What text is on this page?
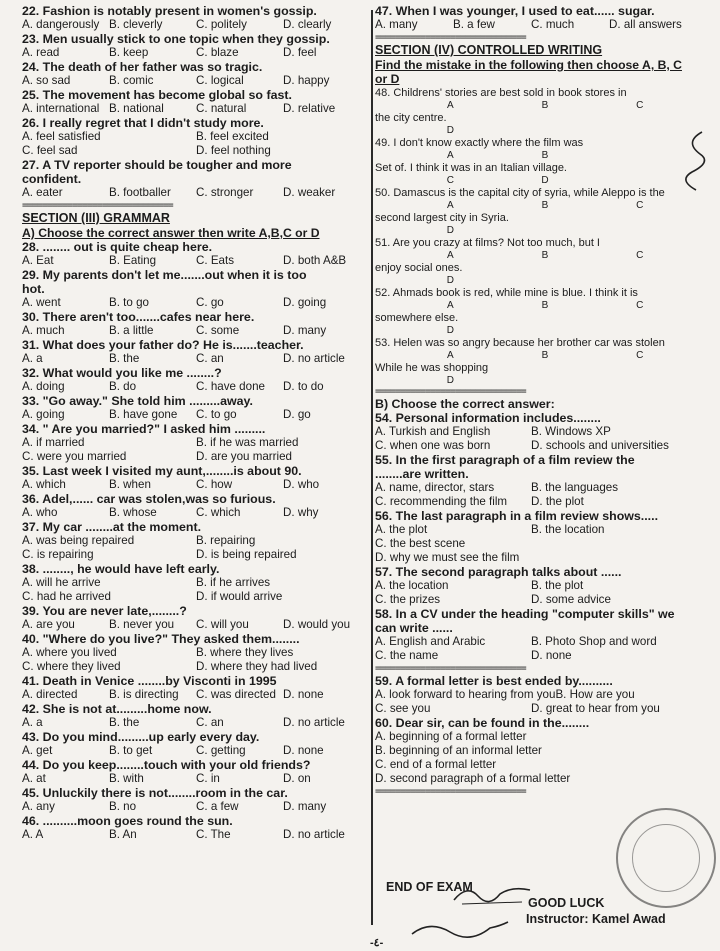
22. Fashion is notably present in women's gossip.
A. dangerously B. cleverly	C. politely	D. clearly
23. Men usually stick to one topic when they gossip.
A. read	B. keep	C. blaze	D. feel
24. The death of her father was so tragic.
A. so sad	B. comic	C. logical	D. happy
25. The movement has become global so fast.
A. international B. national	C. natural	D. relative
26. I really regret that I didn't study more.
A. feel satisfied	B. feel excited
C. feel sad	D. feel nothing
27. A TV reporter should be tougher and more
confident.
A. eater	B. footballer	C. stronger	D. weaker
==============================
SECTION (III) GRAMMAR
A) Choose the correct answer then write A,B,C or D
28. ........ out is quite cheap here.
A. Eat	B. Eating	C. Eats	D. both A&B
29. My parents don't let me.......out when it is too
hot.
A. went	B. to go	C. go	D. going
30. There aren't too.......cafes near here.
A. much	B. a little	C. some	D. many
31. What does your father do? He is.......teacher.
A. a	B. the	C. an	D. no article
32. What would you like me ........?
A. doing	B. do	C. have done	D. to do
33. "Go away." She told him .........away.
A. going	B. have gone	C. to go	D. go
34. " Are you married?" I asked him .........
A. if married	B. if he was married
C. were you married	D. are you married
35. Last week I visited my aunt,........is about 90.
A. which	B. when	C. how	D. who
36. Adel,...... car was stolen,was so furious.
A. who	B. whose	C. which	D. why
37. My car ........at the moment.
A. was being repaired	B. repairing
C. is repairing	D. is being repaired
38. ........, he would have left early.
A. will he arrive	B. if he arrives
C. had he arrived	D. if would arrive
39. You are never late,........?
A. are you	B. never you	C. will you	D. would you
40. "Where do you live?" They asked them........
A. where you lived	B. where they lives
C. where they lived	D. where they had lived
41. Death in Venice ........by Visconti in 1995
A. directed	B. is directing	C. was directed D. none
42. She is not at.........home now.
A. a	B. the	C. an	D. no article
43. Do you mind.........up early every day.
A. get	B. to get	C. getting	D. none
44. Do you keep........touch with your old friends?
A. at	B. with	C. in	D. on
45. Unluckily there is not........room in the car.
A. any	B. no	C. a few	D. many
46. ..........moon goes round the sun.
A. A	B. An	C. The	D. no article
47. When I was younger, I used to eat...... sugar.
A. many	B. a few	C. much	D. all answers
==============================
SECTION (IV) CONTROLLED WRITING
Find the mistake in the following then choose A, B, C
or D
48. Childrens' stories are best sold in book stores in
A	B	C
the city centre.
D
49. I don't know exactly where the film was
A	B
Set of. I think it was in an Italian village.
C	D
50. Damascus is the capital city of syria, while Aleppo is the
A	B	C
second largest city in Syria.
D
51. Are you crazy at films? Not too much, but I
A	B	C
enjoy social ones.
D
52. Ahmads book is red, while mine is blue. I think it is
A	B	C
somewhere else.
D
53. Helen was so angry because her brother car was stolen
A	B	C
While he was shopping
D
==============================
B) Choose the correct answer:
54. Personal information includes........
A. Turkish and English	B. Windows XP
C. when one was born	D. schools and universities
55. In the first paragraph of a film review the
........are written.
A. name, director, stars	B. the languages
C. recommending the film	D. the plot
56. The last paragraph in a film review shows.....
A. the plot	B. the location
C. the best scene
D. why we must see the film
57. The second paragraph talks about ......
A. the location	B. the plot
C. the prizes	D. some advice
58. In a CV under the heading "computer skills" we
can write ......
A. English and Arabic	B. Photo Shop and word
C. the name	D. none
==============================
59. A formal letter is best ended by..........
A. look forward to hearing from you B. How are you
C. see you	D. great to hear from you
60. Dear sir, can be found in the........
A. beginning of a formal letter
B. beginning of an informal letter
C. end of a formal letter
D. second paragraph of a formal letter
==============================
END OF EXAM
GOOD LUCK
Instructor: Kamel Awad
-٤-
